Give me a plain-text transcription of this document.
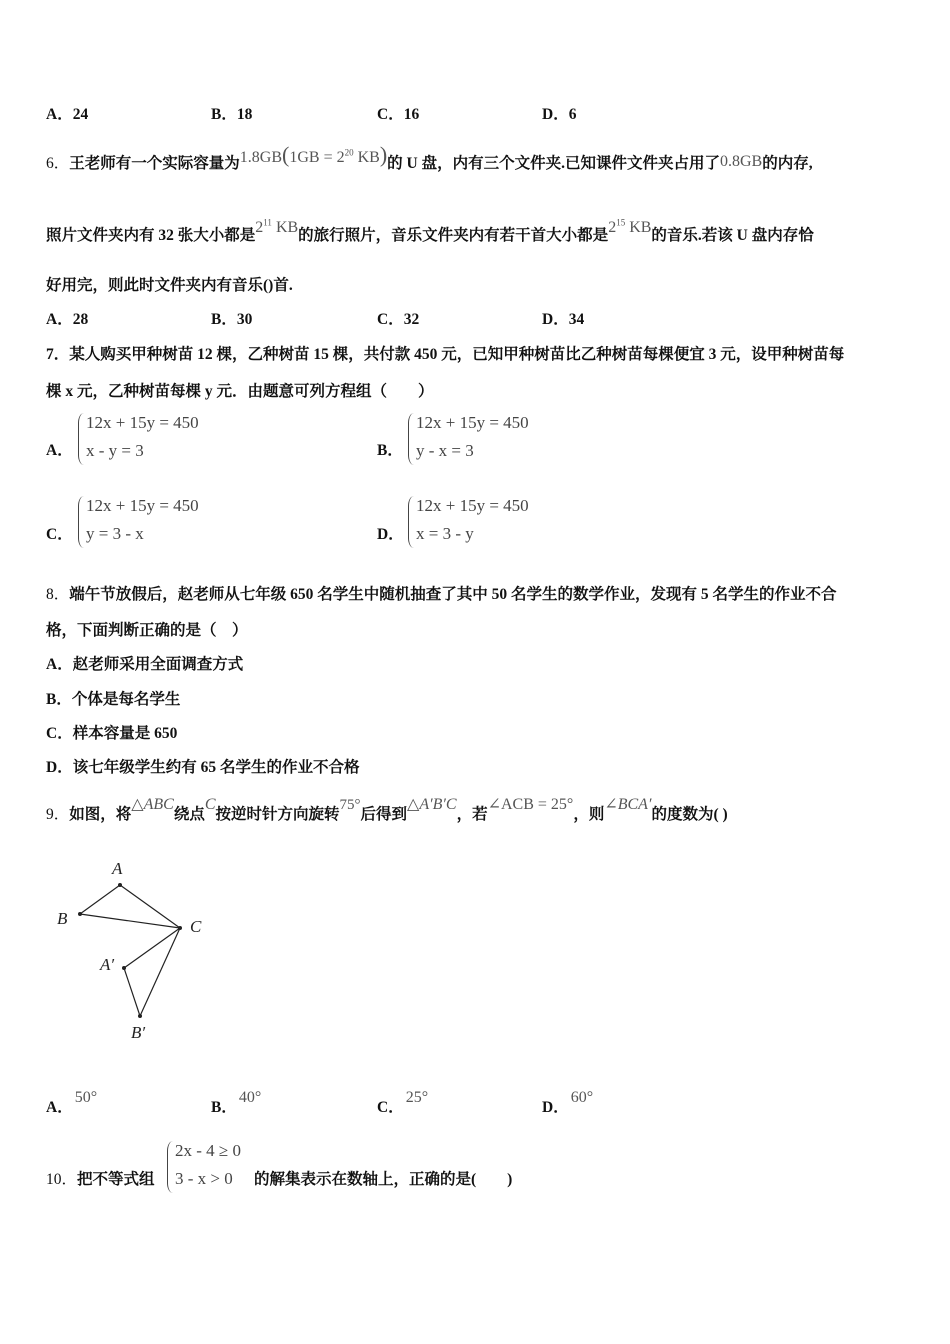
A．24	B．18	C．16	D．6
6．王老师有一个实际容量为$1.8GB(1GB = 2^{20}$ KB)的 U 盘，内有三个文件夹.已知课件文件夹占用了0.8GB的内存,
照片文件夹内有 32 张大小都是$2^{11}$ KB的旅行照片，音乐文件夹内有若干首大小都是$2^{15}$ KB的音乐.若该 U 盘内存恰
好用完，则此时文件夹内有音乐()首.
A．28	B．30	C．32	D．34
7．某人购买甲种树苗 12 棵，乙种树苗 15 棵，共付款 450 元，已知甲种树苗比乙种树苗每棵便宜 3 元，设甲种树苗每
棵 x 元，乙种树苗每棵 y 元．由题意可列方程组（　　）
A．
12x + 15y = 450
x - y = 3	B．
12x + 15y = 450
y - x = 3
C．
12x + 15y = 450
y = 3 - x	D．
12x + 15y = 450
x = 3 - y
8．端午节放假后，赵老师从七年级 650 名学生中随机抽查了其中 50 名学生的数学作业，发现有 5 名学生的作业不合
格，下面判断正确的是（　）
A．赵老师采用全面调查方式
B．个体是每名学生
C．样本容量是 650
D．该七年级学生约有 65 名学生的作业不合格
9．如图，将△ABC绕点C按逆时针方向旋转75°后得到△A′B′C，若∠ACB = 25°，则∠BCA′的度数为( )
A
B	C
A′
B′
A．50°
B．40°
C．25°
D．60°
10．把不等式组
2x - 4 ≥ 0
3 - x > 0 的解集表示在数轴上，正确的是(　　)
